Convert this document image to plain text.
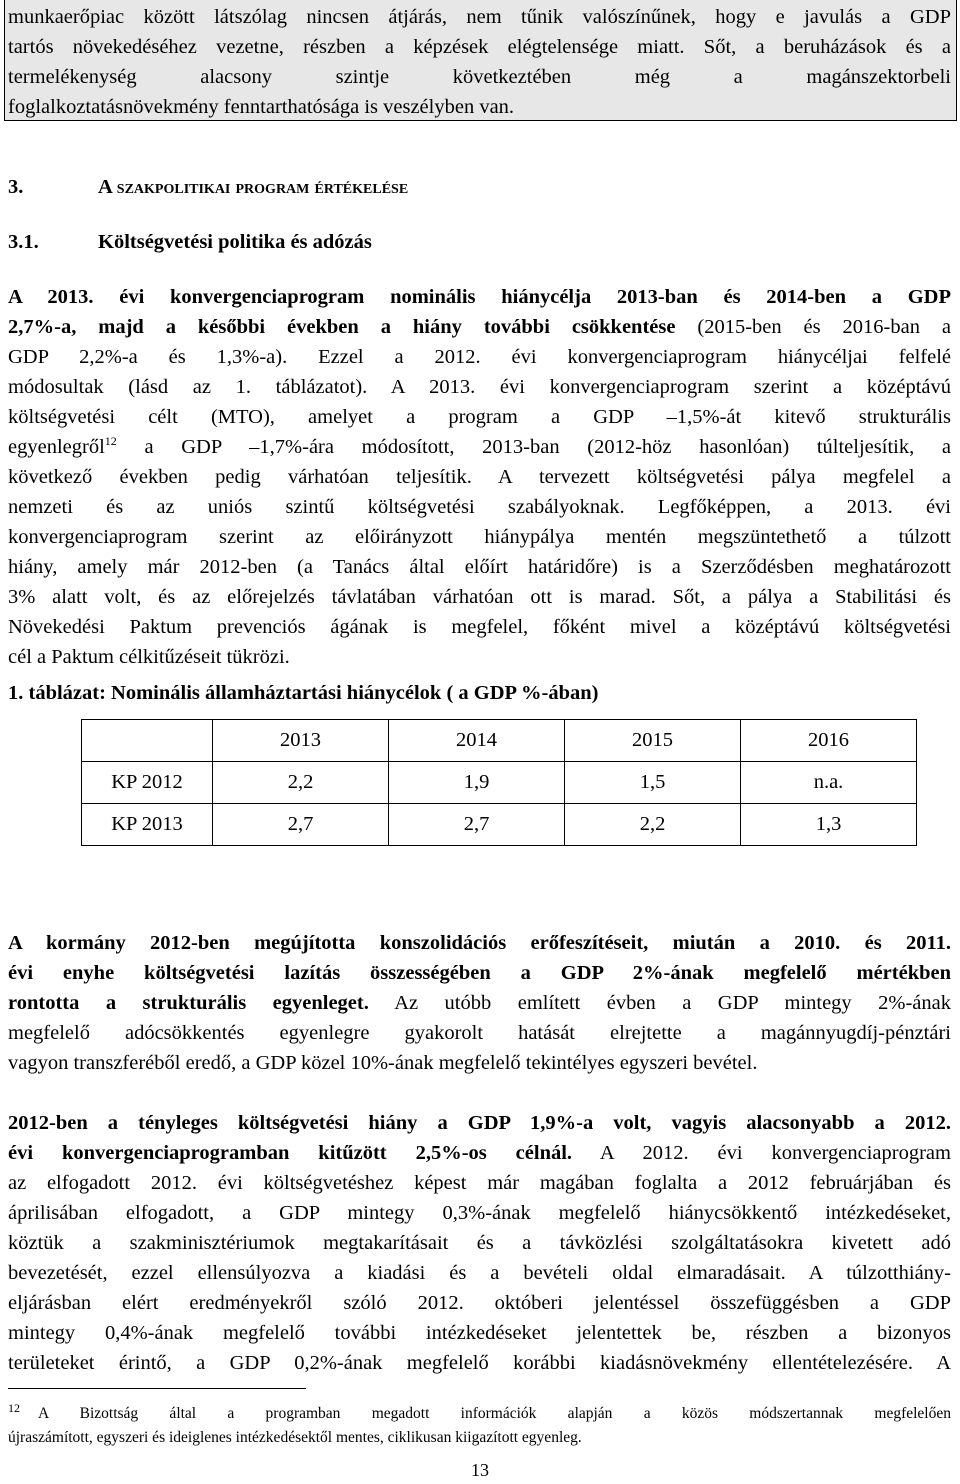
munkaerőpiac között látszólag nincsen átjárás, nem tűnik valószínűnek, hogy e javulás a GDP
tartós növekedéséhez vezetne, részben a képzések elégtelensége miatt. Sőt, a beruházások és a
termelékenység alacsony szintje következtében még a magánszektorbeli
foglalkoztatásnövekmény fenntarthatósága is veszélyben van.
3.	A szakpolitikai program értékelése
3.1.	Költségvetési politika és adózás
A 2013. évi konvergenciaprogram nominális hiánycélja 2013-ban és 2014-ben a GDP
2,7%-a, majd a későbbi években a hiány további csökkentése (2015-ben és 2016-ban a
GDP 2,2%-a és 1,3%-a). Ezzel a 2012. évi konvergenciaprogram hiánycéljai felfelé
módosultak (lásd az 1. táblázatot). A 2013. évi konvergenciaprogram szerint a középtávú
költségvetési célt (MTO), amelyet a program a GDP –1,5%-át kitevő strukturális
egyenlegről$^{12}$ a GDP –1,7%-ára módosított, 2013-ban (2012-höz hasonlóan) túlteljesítik, a
következő években pedig várhatóan teljesítik. A tervezett költségvetési pálya megfelel a
nemzeti és az uniós szintű költségvetési szabályoknak. Legfőképpen, a 2013. évi
konvergenciaprogram szerint az előirányzott hiánypálya mentén megszüntethető a túlzott
hiány, amely már 2012-ben (a Tanács által előírt határidőre) is a Szerződésben meghatározott
3% alatt volt, és az előrejelzés távlatában várhatóan ott is marad. Sőt, a pálya a Stabilitási és
Növekedési Paktum prevenciós ágának is megfelel, főként mivel a középtávú költségvetési
cél a Paktum célkitűzéseit tükrözi.
1. táblázat: Nominális államháztartási hiánycélok ( a GDP %-ában)
	2013	2014	2015	2016
KP 2012	2,2	1,9	1,5	n.a.
KP 2013	2,7	2,7	2,2	1,3
A kormány 2012-ben megújította konszolidációs erőfeszítéseit, miután a 2010. és 2011.
évi enyhe költségvetési lazítás összességében a GDP 2%-ának megfelelő mértékben
rontotta a strukturális egyenleget. Az utóbb említett évben a GDP mintegy 2%-ának
megfelelő adócsökkentés egyenlegre gyakorolt hatását elrejtette a magánnyugdíj-pénztári
vagyon transzferéből eredő, a GDP közel 10%-ának megfelelő tekintélyes egyszeri bevétel.
2012-ben a tényleges költségvetési hiány a GDP 1,9%-a volt, vagyis alacsonyabb a 2012.
évi konvergenciaprogramban kitűzött 2,5%-os célnál. A 2012. évi konvergenciaprogram
az elfogadott 2012. évi költségvetéshez képest már magában foglalta a 2012 februárjában és
áprilisában elfogadott, a GDP mintegy 0,3%-ának megfelelő hiánycsökkentő intézkedéseket,
köztük a szakminisztériumok megtakarításait és a távközlési szolgáltatásokra kivetett adó
bevezetését, ezzel ellensúlyozva a kiadási és a bevételi oldal elmaradásait. A túlzotthiány-
eljárásban elért eredményekről szóló 2012. októberi jelentéssel összefüggésben a GDP
mintegy 0,4%-ának megfelelő további intézkedéseket jelentettek be, részben a bizonyos
területeket érintő, a GDP 0,2%-ának megfelelő korábbi kiadásnövekmény ellentételezésére. A
$^{12}$ A Bizottság által a programban megadott információk alapján a közös módszertannak megfelelően
újraszámított, egyszeri és ideiglenes intézkedésektől mentes, ciklikusan kiigazított egyenleg.
13
